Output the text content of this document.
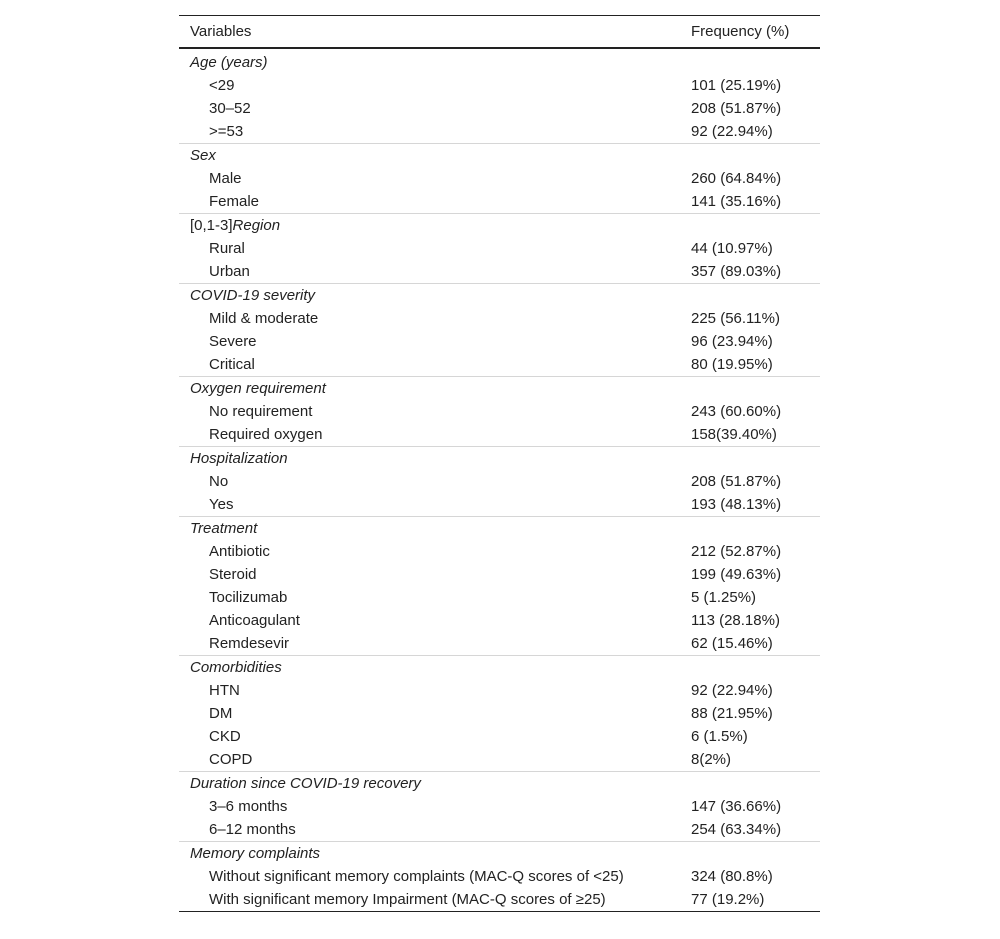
Variables	Frequency (%)
Age (years)	
<29	101 (25.19%)
30–52	208 (51.87%)
>=53	92 (22.94%)
Sex	
Male	260 (64.84%)
Female	141 (35.16%)
[0,1-3]Region	
Rural	44 (10.97%)
Urban	357 (89.03%)
COVID-19 severity	
Mild & moderate	225 (56.11%)
Severe	96 (23.94%)
Critical	80 (19.95%)
Oxygen requirement	
No requirement	243 (60.60%)
Required oxygen	158(39.40%)
Hospitalization	
No	208 (51.87%)
Yes	193 (48.13%)
Treatment	
Antibiotic	212 (52.87%)
Steroid	199 (49.63%)
Tocilizumab	5 (1.25%)
Anticoagulant	113 (28.18%)
Remdesevir	62 (15.46%)
Comorbidities	
HTN	92 (22.94%)
DM	88 (21.95%)
CKD	6 (1.5%)
COPD	8(2%)
Duration since COVID-19 recovery	
3–6 months	147 (36.66%)
6–12 months	254 (63.34%)
Memory complaints	
Without significant memory complaints (MAC-Q scores of <25)	324 (80.8%)
With significant memory Impairment (MAC-Q scores of ≥25)	77 (19.2%)
